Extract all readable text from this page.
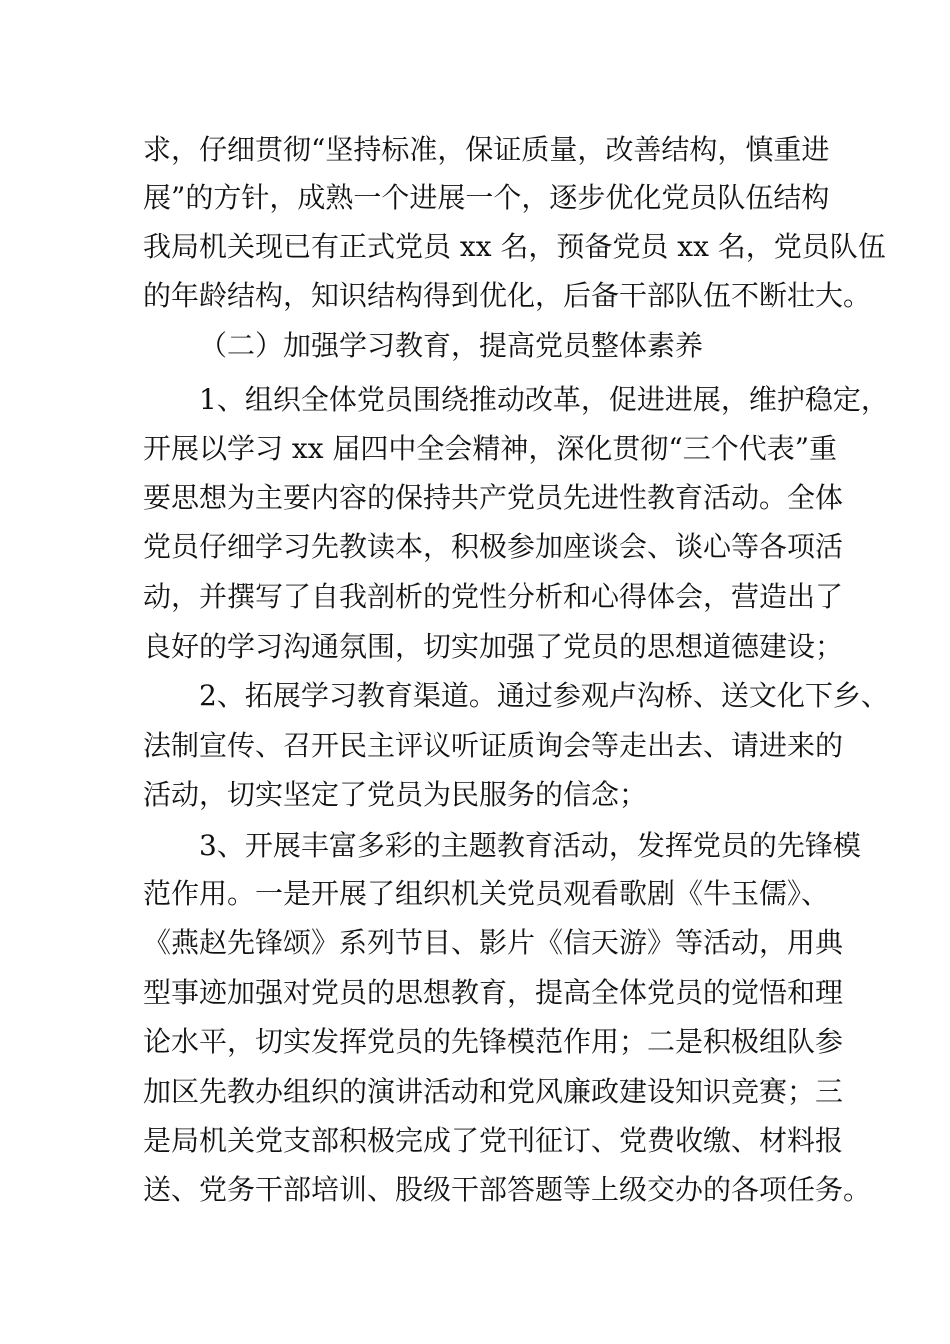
求，仔细贯彻“坚持标准，保证质量，改善结构，慎重进
展”的方针，成熟一个进展一个，逐步优化党员队伍结构
我局机关现已有正式党员 xx 名，预备党员 xx 名，党员队伍
的年龄结构，知识结构得到优化，后备干部队伍不断壮大。
（二）加强学习教育，提高党员整体素养
1、组织全体党员围绕推动改革，促进进展，维护稳定，
开展以学习 xx 届四中全会精神，深化贯彻“三个代表”重
要思想为主要内容的保持共产党员先进性教育活动。全体
党员仔细学习先教读本，积极参加座谈会、谈心等各项活
动，并撰写了自我剖析的党性分析和心得体会，营造出了
良好的学习沟通氛围，切实加强了党员的思想道德建设；
2、拓展学习教育渠道。通过参观卢沟桥、送文化下乡、
法制宣传、召开民主评议听证质询会等走出去、请进来的
活动，切实坚定了党员为民服务的信念；
3、开展丰富多彩的主题教育活动，发挥党员的先锋模
范作用。一是开展了组织机关党员观看歌剧《牛玉儒》、
《燕赵先锋颂》系列节目、影片《信天游》等活动，用典
型事迹加强对党员的思想教育，提高全体党员的觉悟和理
论水平，切实发挥党员的先锋模范作用；二是积极组队参
加区先教办组织的演讲活动和党风廉政建设知识竞赛；三
是局机关党支部积极完成了党刊征订、党费收缴、材料报
送、党务干部培训、股级干部答题等上级交办的各项任务。
